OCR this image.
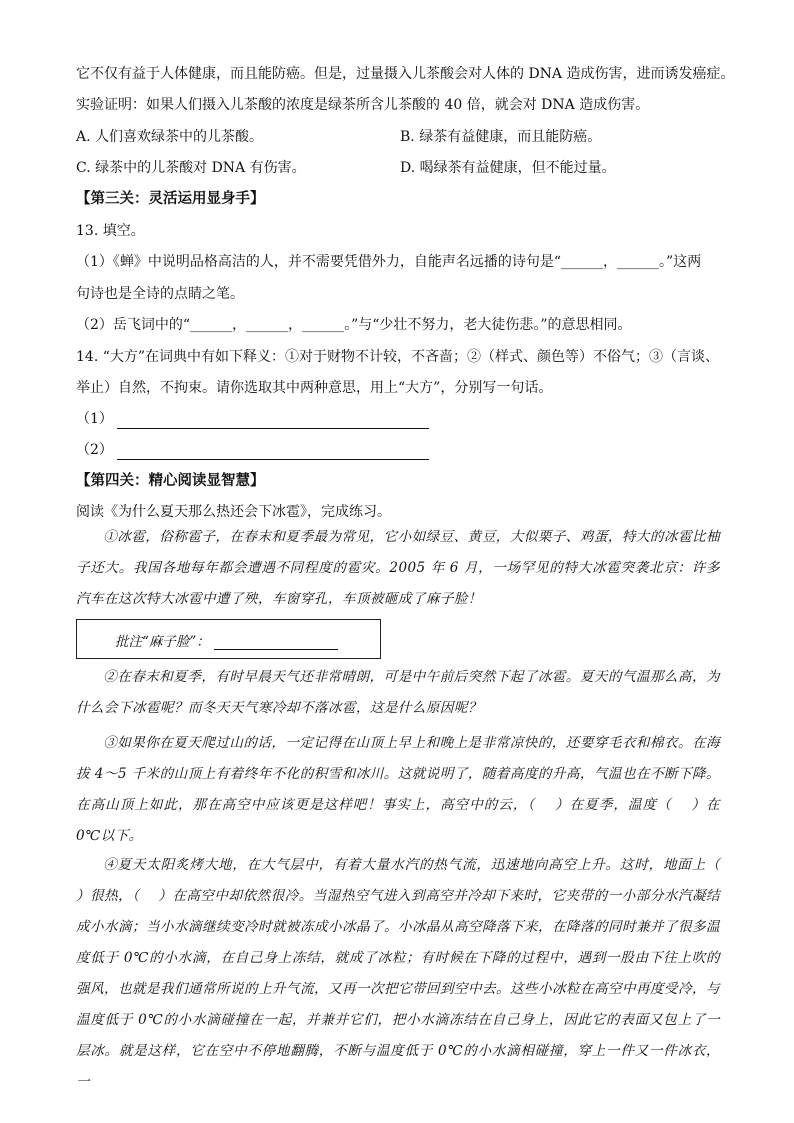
它不仅有益于人体健康，而且能防癌。但是，过量摄入儿茶酸会对人体的 DNA 造成伤害，进而诱发癌症。
实验证明：如果人们摄入儿茶酸的浓度是绿茶所含儿茶酸的 40 倍，就会对 DNA 造成伤害。
A. 人们喜欢绿茶中的儿茶酸。	B. 绿茶有益健康，而且能防癌。
C. 绿茶中的儿茶酸对 DNA 有伤害。	D. 喝绿茶有益健康，但不能过量。
【第三关：灵活运用显身手】
13. 填空。
（1）《蝉》中说明品格高洁的人，并不需要凭借外力，自能声名远播的诗句是“______，______。”这两
句诗也是全诗的点睛之笔。
（2）岳飞词中的“______，______，______。”与“少壮不努力，老大徒伤悲。”的意思相同。
14. “大方”在词典中有如下释义：①对于财物不计较，不吝啬；②（样式、颜色等）不俗气；③（言谈、
举止）自然，不拘束。请你选取其中两种意思，用上“大方”，分别写一句话。
（1）
（2）
【第四关：精心阅读显智慧】
阅读《为什么夏天那么热还会下冰雹》，完成练习。
①冰雹，俗称雹子，在春末和夏季最为常见，它小如绿豆、黄豆，大似栗子、鸡蛋，特大的冰雹比柚子还大。我国各地每年都会遭遇不同程度的雹灾。2005 年 6 月，一场罕见的特大冰雹突袭北京：许多汽车在这次特大冰雹中遭了殃，车窗穿孔，车顶被砸成了麻子脸！
批注“麻子脸”：
②在春末和夏季，有时早晨天气还非常晴朗，可是中午前后突然下起了冰雹。夏天的气温那么高，为什么会下冰雹呢？而冬天天气寒冷却不落冰雹，这是什么原因呢？
③如果你在夏天爬过山的话，一定记得在山顶上早上和晚上是非常凉快的，还要穿毛衣和棉衣。在海拔 4～5 千米的山顶上有着终年不化的积雪和冰川。这就说明了，随着高度的升高，气温也在不断下降。在高山顶上如此，那在高空中应该更是这样吧！事实上，高空中的云，（　 ）在夏季，温度（　 ）在 0℃以下。
④夏天太阳炙烤大地，在大气层中，有着大量水汽的热气流，迅速地向高空上升。这时，地面上（　 ）很热，（　 ）在高空中却依然很冷。当湿热空气进入到高空并冷却下来时，它夹带的一小部分水汽凝结成小水滴；当小水滴继续变冷时就被冻成小冰晶了。小冰晶从高空降落下来，在降落的同时兼并了很多温度低于 0℃的小水滴，在自己身上冻结，就成了冰粒；有时候在下降的过程中，遇到一股由下往上吹的强风，也就是我们通常所说的上升气流，又再一次把它带回到空中去。这些小冰粒在高空中再度受冷，与温度低于 0℃的小水滴碰撞在一起，并兼并它们，把小水滴冻结在自己身上，因此它的表面又包上了一层冰。就是这样，它在空中不停地翻腾，不断与温度低于 0℃的小水滴相碰撞，穿上一件又一件冰衣，一
